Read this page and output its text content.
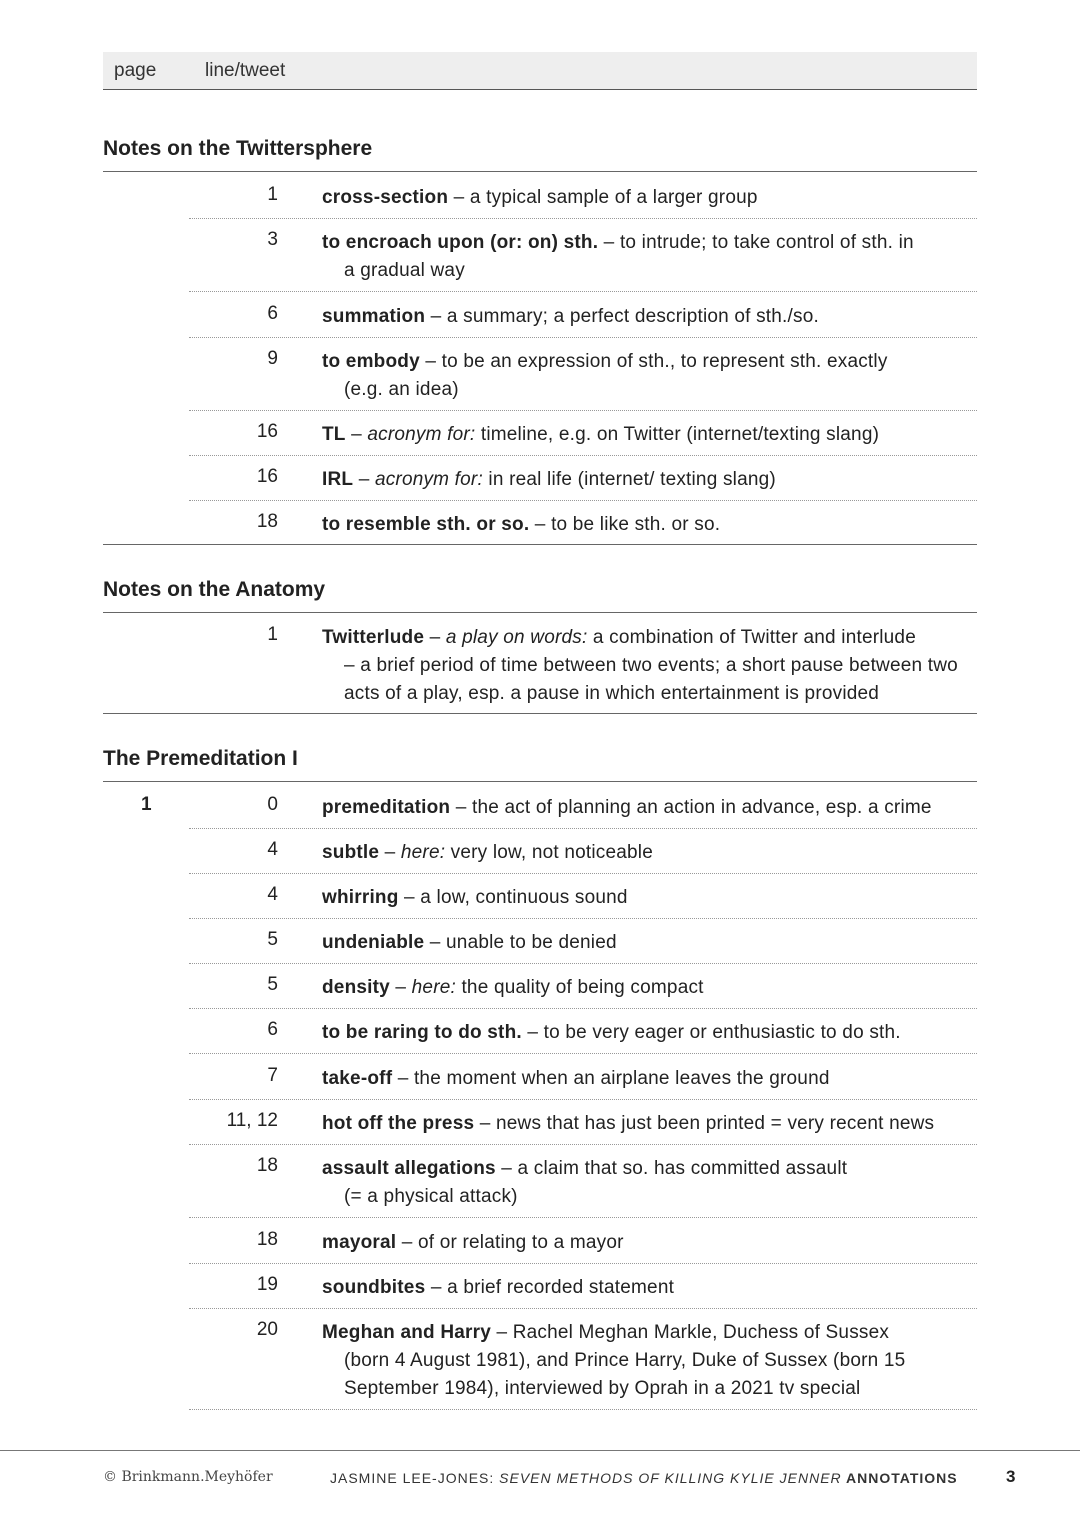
page	line/tweet
Notes on the Twittersphere
1 cross-section – a typical sample of a larger group
3 to encroach upon (or: on) sth. – to intrude; to take control of sth. in
a gradual way
6 summation – a summary; a perfect description of sth./so.
9 to embody – to be an expression of sth., to represent sth. exactly
(e.g. an idea)
16 TL – acronym for: timeline, e.g. on Twitter (internet/texting slang)
16 IRL – acronym for: in real life (internet/ texting slang)
18 to resemble sth. or so. – to be like sth. or so.
Notes on the Anatomy
1 Twitterlude – a play on words: a combination of Twitter and interlude
– a brief period of time between two events; a short pause between two acts of a play, esp. a pause in which entertainment is provided
The Premeditation I
1	0 premeditation – the act of planning an action in advance, esp. a crime
4 subtle – here: very low, not noticeable
4 whirring – a low, continuous sound
5 undeniable – unable to be denied
5 density – here: the quality of being compact
6 to be raring to do sth. – to be very eager or enthusiastic to do sth.
7 take-off – the moment when an airplane leaves the ground
11, 12 hot off the press – news that has just been printed = very recent news
18 assault allegations – a claim that so. has committed assault
(= a physical attack)
18 mayoral – of or relating to a mayor
19 soundbites – a brief recorded statement
20 Meghan and Harry – Rachel Meghan Markle, Duchess of Sussex
(born 4 August 1981), and Prince Harry, Duke of Sussex (born 15 September 1984), interviewed by Oprah in a 2021 tv special
© Brinkmann.Meyhöfer	JASMINE LEE-JONES: SEVEN METHODS OF KILLING KYLIE JENNER ANNOTATIONS	3
